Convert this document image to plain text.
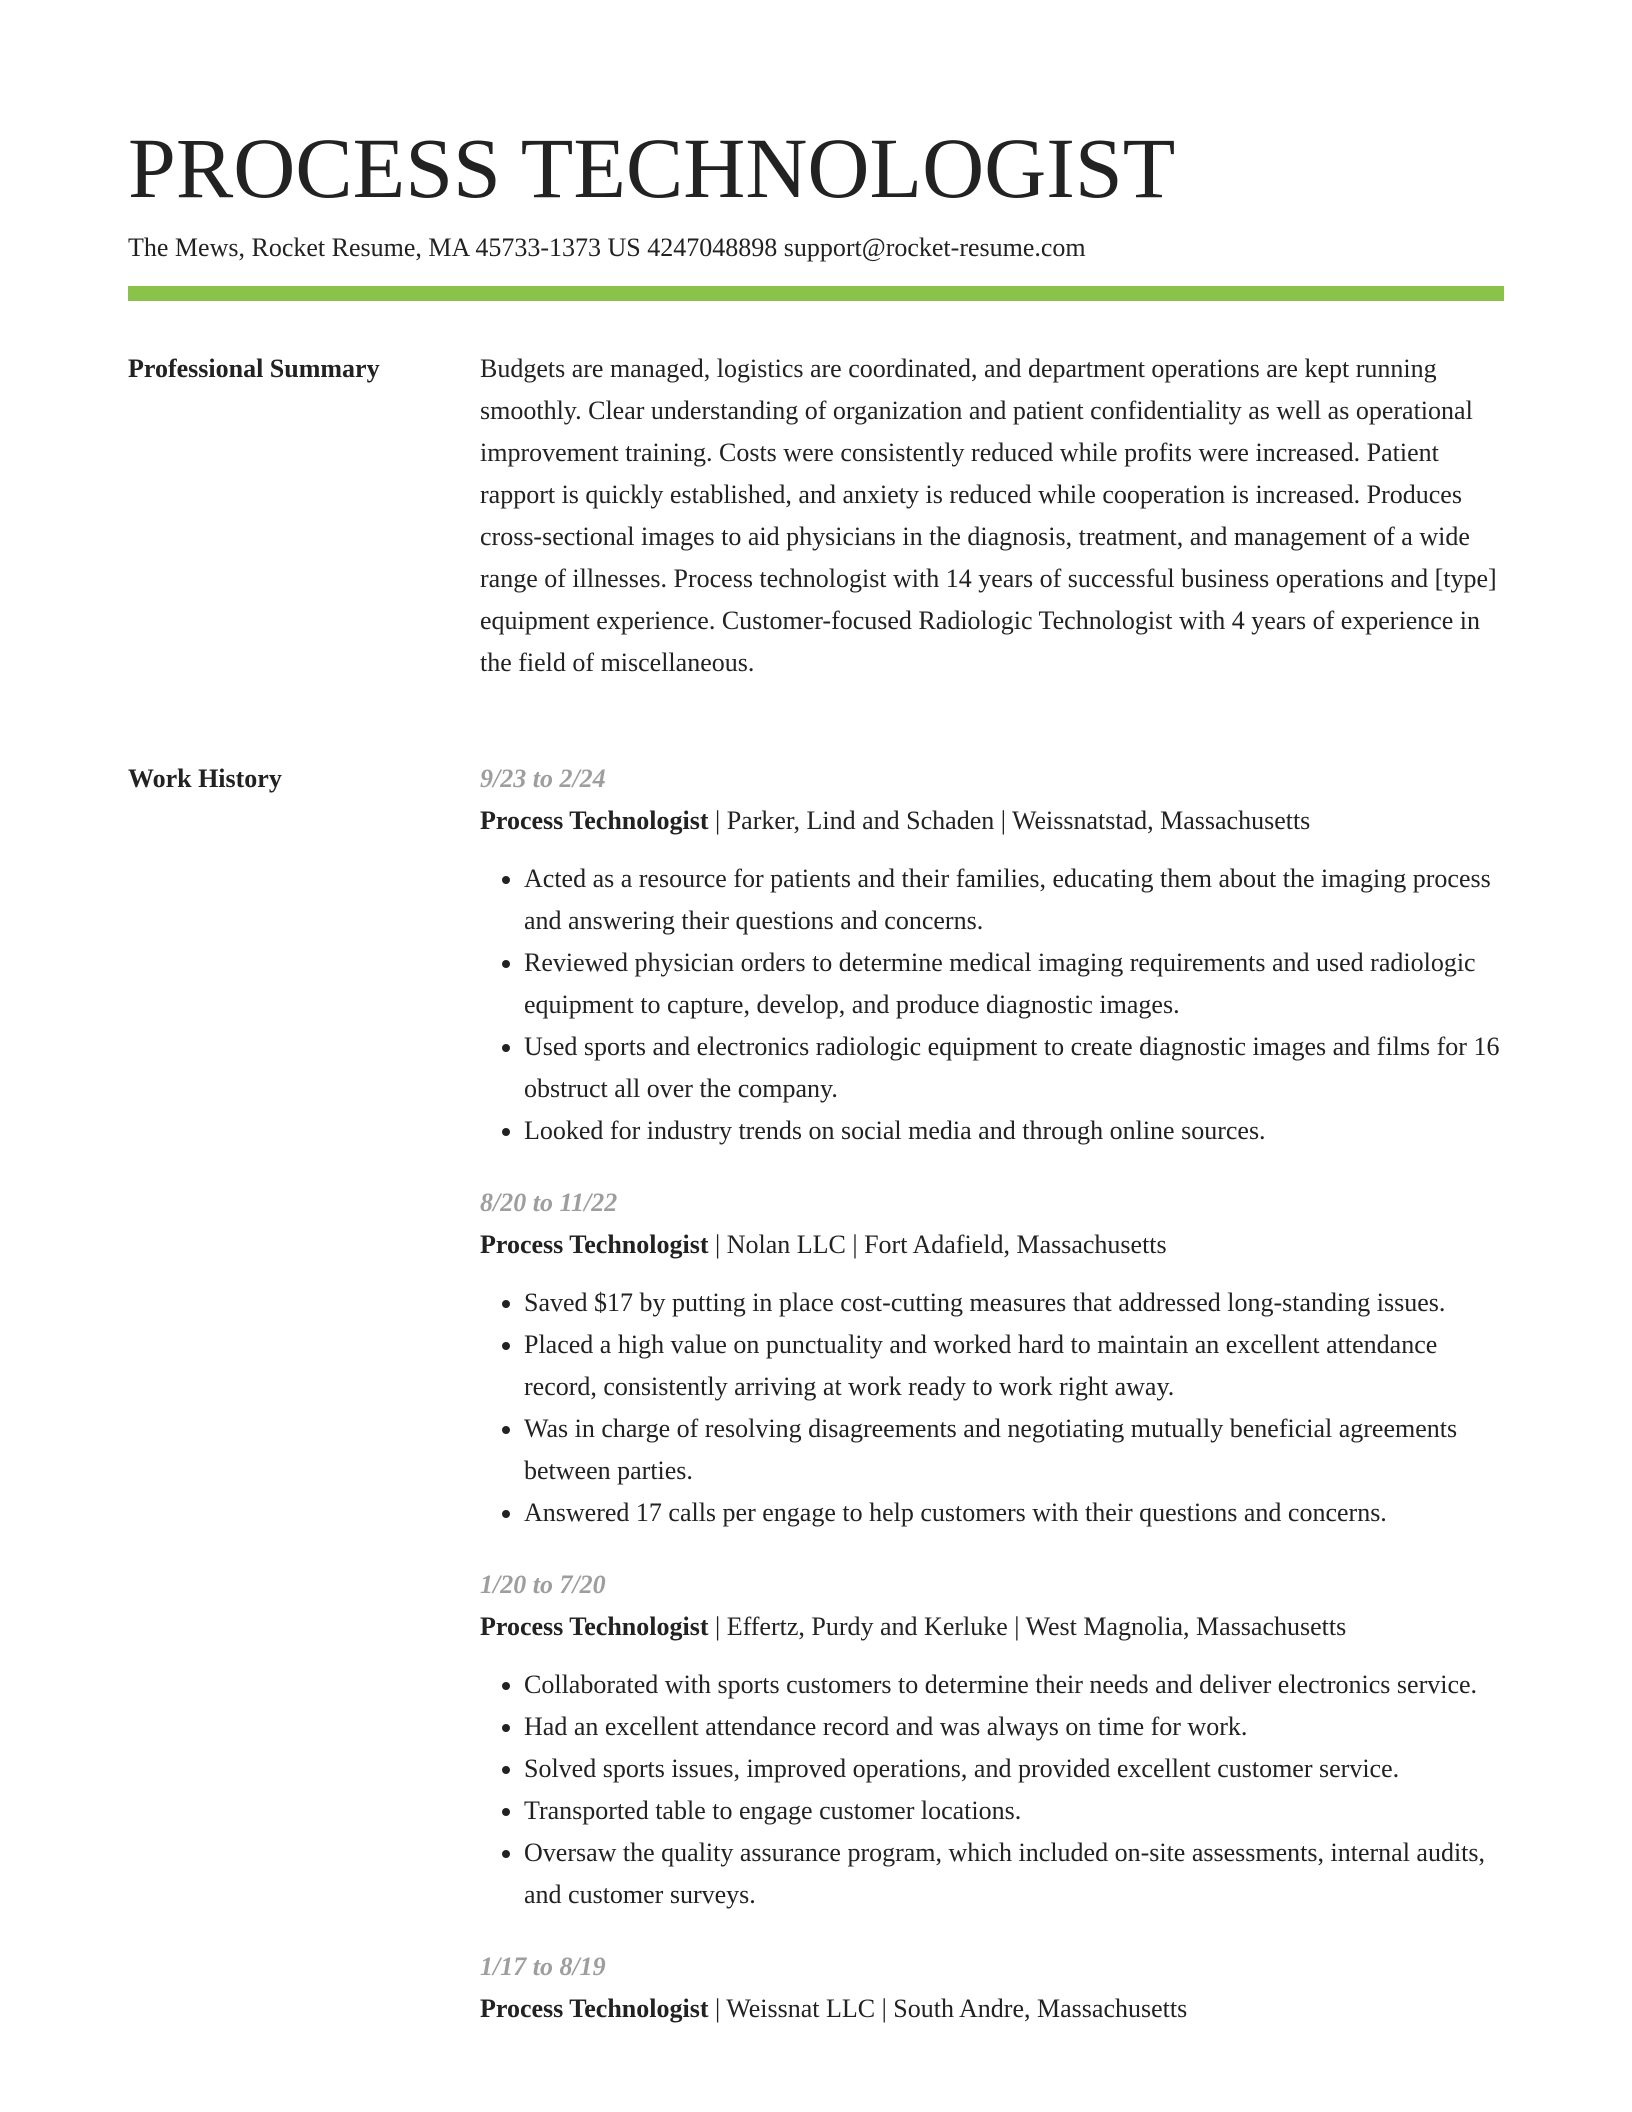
PROCESS TECHNOLOGIST
The Mews, Rocket Resume, MA 45733-1373 US 4247048898 support@rocket-resume.com
Professional Summary	Budgets are managed, logistics are coordinated, and department operations are kept running smoothly. Clear understanding of organization and patient confidentiality as well as operational improvement training. Costs were consistently reduced while profits were increased. Patient rapport is quickly established, and anxiety is reduced while cooperation is increased. Produces cross-sectional images to aid physicians in the diagnosis, treatment, and management of a wide range of illnesses. Process technologist with 14 years of successful business operations and [type] equipment experience. Customer-focused Radiologic Technologist with 4 years of experience in the field of miscellaneous.

Work History	9/23 to 2/24
Process Technologist | Parker, Lind and Schaden | Weissnatstad, Massachusetts
• Acted as a resource for patients and their families, educating them about the imaging process and answering their questions and concerns.
• Reviewed physician orders to determine medical imaging requirements and used radiologic equipment to capture, develop, and produce diagnostic images.
• Used sports and electronics radiologic equipment to create diagnostic images and films for 16 obstruct all over the company.
• Looked for industry trends on social media and through online sources.
8/20 to 11/22
Process Technologist | Nolan LLC | Fort Adafield, Massachusetts
• Saved $17 by putting in place cost-cutting measures that addressed long-standing issues.
• Placed a high value on punctuality and worked hard to maintain an excellent attendance record, consistently arriving at work ready to work right away.
• Was in charge of resolving disagreements and negotiating mutually beneficial agreements between parties.
• Answered 17 calls per engage to help customers with their questions and concerns.
1/20 to 7/20
Process Technologist | Effertz, Purdy and Kerluke | West Magnolia, Massachusetts
• Collaborated with sports customers to determine their needs and deliver electronics service.
• Had an excellent attendance record and was always on time for work.
• Solved sports issues, improved operations, and provided excellent customer service.
• Transported table to engage customer locations.
• Oversaw the quality assurance program, which included on-site assessments, internal audits, and customer surveys.
1/17 to 8/19
Process Technologist | Weissnat LLC | South Andre, Massachusetts
